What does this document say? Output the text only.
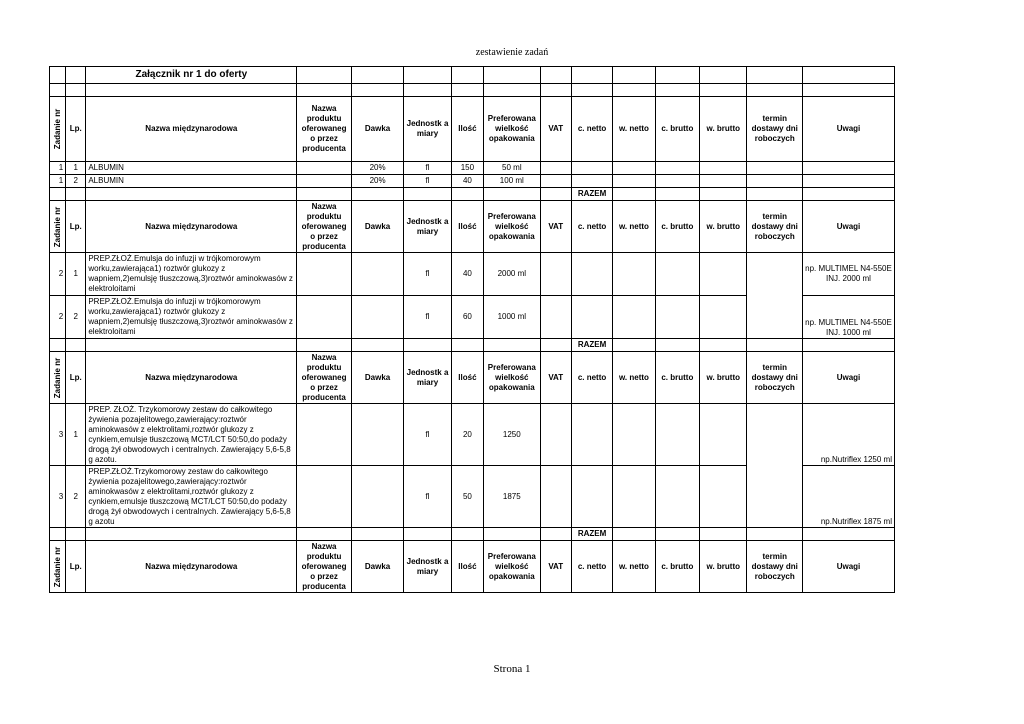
zestawienie zadań
		Załącznik nr 1 do oferty												

Zadanie nr	Lp.	Nazwa międzynarodowa	Nazwa produktu oferowaneg o przez producenta	Dawka	Jednostk a miary	Ilość	Preferowana wielkość opakowania	VAT	c. netto	w. netto	c. brutto	w. brutto	termin dostawy dni roboczych	Uwagi
1	1	ALBUMIN		20%	fl	150	50 ml							
1	2	ALBUMIN		20%	fl	40	100 ml							
									RAZEM					

Zadanie nr	Lp.	Nazwa międzynarodowa	Nazwa produktu oferowaneg o przez producenta	Dawka	Jednostk a miary	Ilość	Preferowana wielkość opakowania	VAT	c. netto	w. netto	c. brutto	w. brutto	termin dostawy dni roboczych	Uwagi
2	1	PREP.ZŁOŻ.Emulsja do infuzji w trójkomorowym worku,zawierająca1) roztwór glukozy z wapniem,2)emulsję tłuszczową,3)roztwór aminokwasów z elektroloitami			fl	40	2000 ml							np. MULTIMEL N4-550E INJ. 2000 ml
2	2	PREP.ZŁOŻ.Emulsja do infuzji w trójkomorowym worku,zawierająca1) roztwór glukozy z wapniem,2)emulsję tłuszczową,3)roztwór aminokwasów z elektroloitami			fl	60	1000 ml							np. MULTIMEL N4-550E INJ. 1000 ml
									RAZEM					

Zadanie nr	Lp.	Nazwa międzynarodowa	Nazwa produktu oferowaneg o przez producenta	Dawka	Jednostk a miary	Ilość	Preferowana wielkość opakowania	VAT	c. netto	w. netto	c. brutto	w. brutto	termin dostawy dni roboczych	Uwagi
3	1	PREP. ZŁOŻ. Trzykomorowy zestaw do całkowitego żywienia pozajelitowego,zawierający:roztwór aminokwasów z elektrolitami,roztwór glukozy z cynkiem,emulsje tłuszczową MCT/LCT 50:50,do podaży drogą żył obwodowych i centralnych. Zawierający 5,6-5,8 g azotu.			fl	20	1250							np.Nutriflex 1250 ml
3	2	PREP.ZŁOŻ.Trzykomorowy zestaw do całkowitego żywienia pozajelitowego,zawierający:roztwór aminokwasów z elektrolitami,roztwór glukozy z cynkiem,emulsje tłuszczową MCT/LCT 50:50,do podaży drogą żył obwodowych i centralnych. Zawierający 5,6-5,8 g azotu			fl	50	1875							np.Nutriflex 1875 ml
									RAZEM					

Zadanie nr	Lp.	Nazwa międzynarodowa	Nazwa produktu oferowaneg o przez producenta	Dawka	Jednostk a miary	Ilość	Preferowana wielkość opakowania	VAT	c. netto	w. netto	c. brutto	w. brutto	termin dostawy dni roboczych	Uwagi
Strona 1
